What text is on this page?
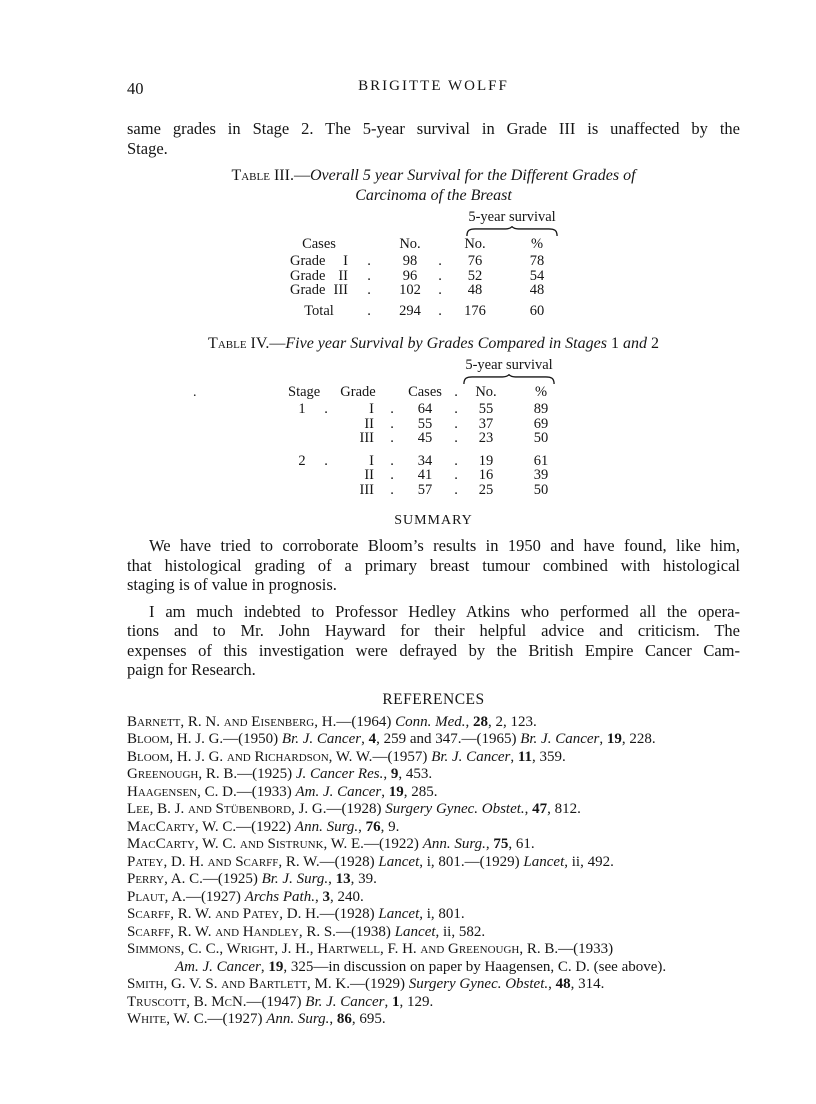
.
40	BRIGITTE WOLFF
same grades in Stage 2. The 5-year survival in Grade III is unaffected by the
Stage.
Table III.—Overall 5 year Survival for the Different Grades of
Carcinoma of the Breast
5-year survival
Cases	No.	No.	%
Grade I	.	98	.	76	78
Grade II	.	96	.	52	54
Grade III	.	102	.	48	48
Total	.	294	.	176	60
Table IV.—Five year Survival by Grades Compared in Stages 1 and 2
5-year survival
Stage Grade Cases .	No.	%
1	.	I	.	64	.	55	89
II	.	55	.	37	69
III	.	45	.	23	50
2	.	I	.	34	.	19	61
II	.	41	.	16	39
III	.	57	.	25	50
SUMMARY
We have tried to corroborate Bloom’s results in 1950 and have found, like him,
that histological grading of a primary breast tumour combined with histological
staging is of value in prognosis.
I am much indebted to Professor Hedley Atkins who performed all the opera-
tions and to Mr. John Hayward for their helpful advice and criticism. The
expenses of this investigation were defrayed by the British Empire Cancer Cam-
paign for Research.
REFERENCES
Barnett, R. N. and Eisenberg, H.—(1964) Conn. Med., 28, 2, 123.
Bloom, H. J. G.—(1950) Br. J. Cancer, 4, 259 and 347.—(1965) Br. J. Cancer, 19, 228.
Bloom, H. J. G. and Richardson, W. W.—(1957) Br. J. Cancer, 11, 359.
Greenough, R. B.—(1925) J. Cancer Res., 9, 453.
Haagensen, C. D.—(1933) Am. J. Cancer, 19, 285.
Lee, B. J. and Stübenbord, J. G.—(1928) Surgery Gynec. Obstet., 47, 812.
MacCarty, W. C.—(1922) Ann. Surg., 76, 9.
MacCarty, W. C. and Sistrunk, W. E.—(1922) Ann. Surg., 75, 61.
Patey, D. H. and Scarff, R. W.—(1928) Lancet, i, 801.—(1929) Lancet, ii, 492.
Perry, A. C.—(1925) Br. J. Surg., 13, 39.
Plaut, A.—(1927) Archs Path., 3, 240.
Scarff, R. W. and Patey, D. H.—(1928) Lancet, i, 801.
Scarff, R. W. and Handley, R. S.—(1938) Lancet, ii, 582.
Simmons, C. C., Wright, J. H., Hartwell, F. H. and Greenough, R. B.—(1933)
Am. J. Cancer, 19, 325—in discussion on paper by Haagensen, C. D. (see above).
Smith, G. V. S. and Bartlett, M. K.—(1929) Surgery Gynec. Obstet., 48, 314.
Truscott, B. McN.—(1947) Br. J. Cancer, 1, 129.
White, W. C.—(1927) Ann. Surg., 86, 695.
